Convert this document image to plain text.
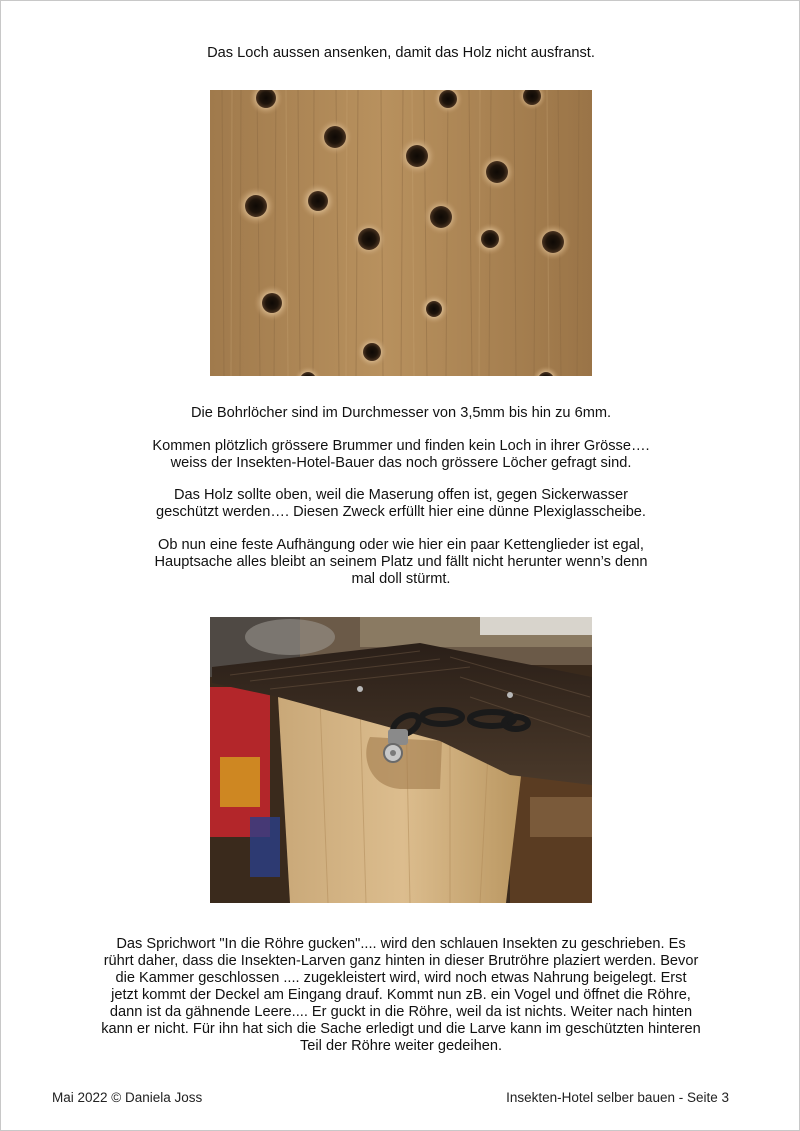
Das Loch aussen ansenken, damit das Holz nicht ausfranst.

Die Bohrlöcher sind im Durchmesser von 3,5mm bis hin zu 6mm.

Kommen plötzlich grössere Brummer und finden kein Loch in ihrer Grösse….
weiss der Insekten-Hotel-Bauer das noch grössere Löcher gefragt sind.

Das Holz sollte oben, weil die Maserung offen ist, gegen Sickerwasser
geschützt werden…. Diesen Zweck erfüllt hier eine dünne Plexiglasscheibe.

Ob nun eine feste Aufhängung oder wie hier ein paar Kettenglieder ist egal,
Hauptsache alles bleibt an seinem Platz und fällt nicht herunter wenn’s denn
mal doll stürmt.

Das Sprichwort "In die Röhre gucken".... wird den schlauen Insekten zu geschrieben. Es
rührt daher, dass die Insekten-Larven ganz hinten in dieser Brutröhre plaziert werden. Bevor
die Kammer geschlossen .... zugekleistert wird, wird noch etwas Nahrung beigelegt. Erst
jetzt kommt der Deckel am Eingang drauf. Kommt nun zB. ein Vogel und öffnet die Röhre,
dann ist da gähnende Leere.... Er guckt in die Röhre, weil da ist nichts. Weiter nach hinten
kann er nicht. Für ihn hat sich die Sache erledigt und die Larve kann im geschützten hinteren
Teil der Röhre weiter gedeihen.

Mai 2022 © Daniela Joss	Insekten-Hotel selber bauen - Seite 3
